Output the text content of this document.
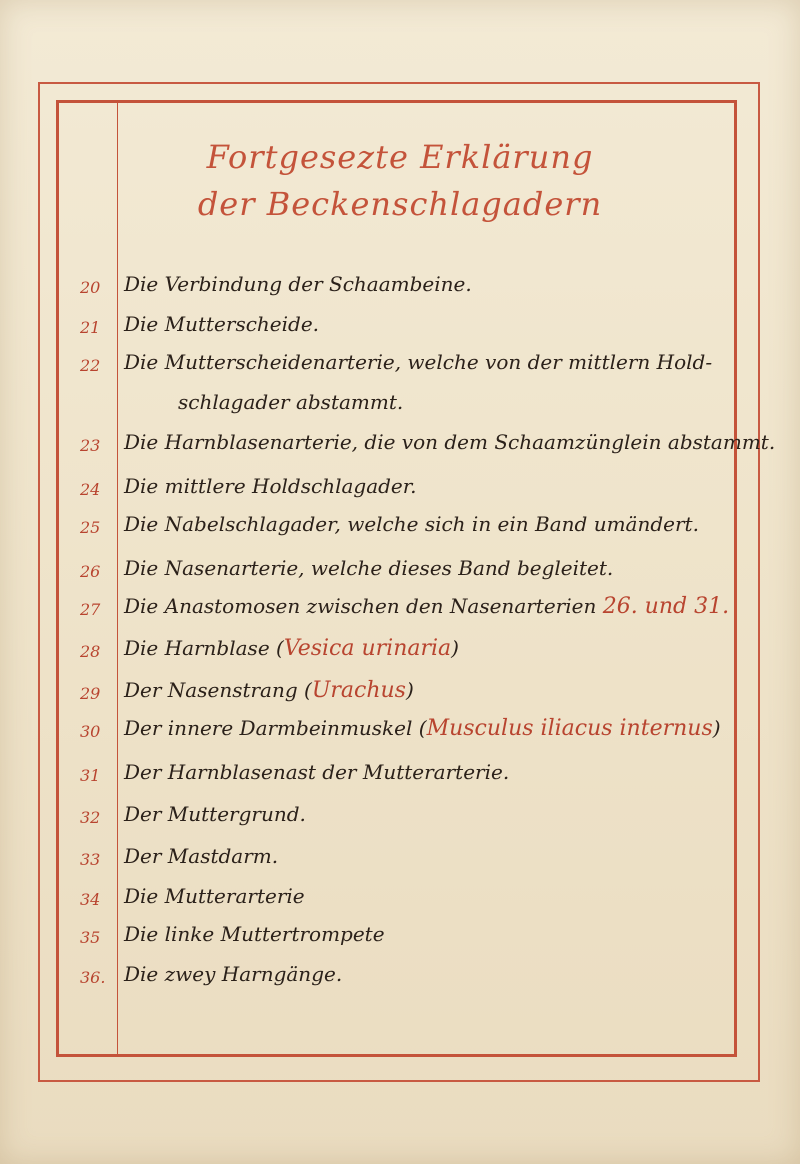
Fortgesezte Erklärung
der Beckenschlagadern
20	Die Verbindung der Schaambeine.
21	Die Mutterscheide.
22	Die Mutterscheidenarterie, welche von der mittlern Hold-
schlagader abstammt.
23	Die Harnblasenarterie, die von dem Schaamzünglein abstammt.
24	Die mittlere Holdschlagader.
25	Die Nabelschlagader, welche sich in ein Band umändert.
26	Die Nasenarterie, welche dieses Band begleitet.
27	Die Anastomosen zwischen den Nasenarterien 26. und 31.
28	Die Harnblase (Vesica urinaria)
29	Der Nasenstrang (Urachus)
30	Der innere Darmbeinmuskel (Musculus iliacus internus)
31	Der Harnblasenast der Mutterarterie.
32	Der Muttergrund.
33	Der Mastdarm.
34	Die Mutterarterie
35	Die linke Muttertrompete
36. Die zwey Harngänge.
